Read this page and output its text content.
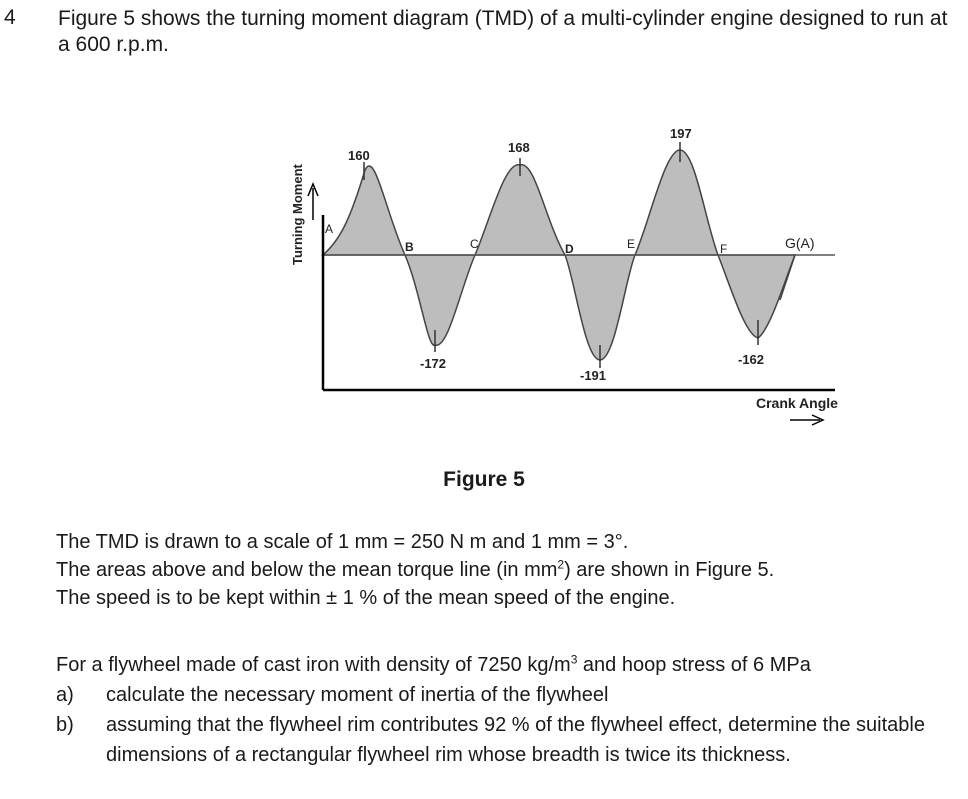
4 Figure 5 shows the turning moment diagram (TMD) of a multi-cylinder engine designed to run at a 600 r.p.m.
Turning Moment
Crank Angle
A
B	C	D	E	F	G(A)
160
-172
168
-191
197
-162
Figure 5

The TMD is drawn to a scale of 1 mm = 250 N m and 1 mm = 3°.

The areas above and below the mean torque line (in $mm^2$) are shown in Figure 5.

The speed is to be kept within ± 1 % of the mean speed of the engine.

For a flywheel made of cast iron with density of 7250 $kg/m^3$ and hoop stress of 6 MPa

a) calculate the necessary moment of inertia of the flywheel
b) assuming that the flywheel rim contributes 92 % of the flywheel effect, determine the suitable dimensions of a rectangular flywheel rim whose breadth is twice its thickness.
